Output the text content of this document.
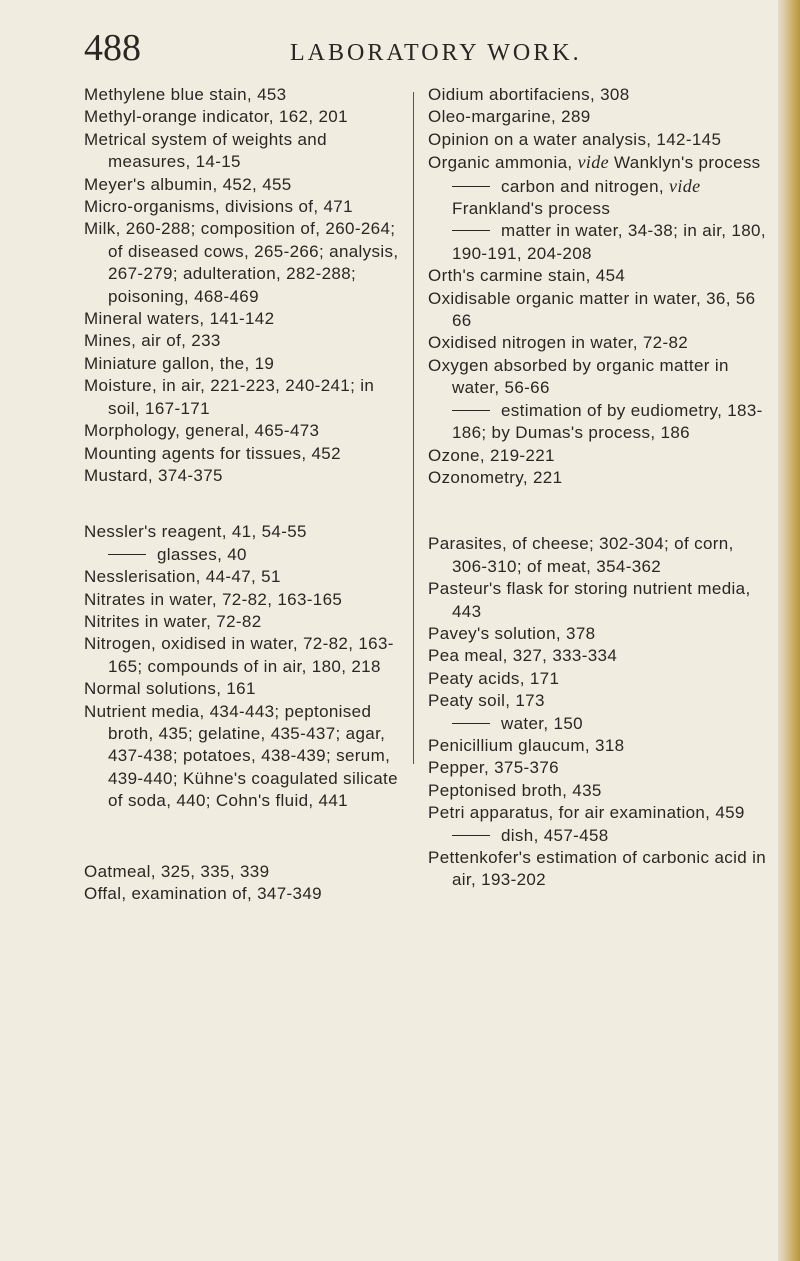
488	LABORATORY WORK.
Methylene blue stain, 453
Methyl-orange indicator, 162, 201
Metrical system of weights and measures, 14-15
Meyer's albumin, 452, 455
Micro-organisms, divisions of, 471
Milk, 260-288; composition of, 260-264; of diseased cows, 265-266; analysis, 267-279; adulteration, 282-288; poisoning, 468-469
Mineral waters, 141-142
Mines, air of, 233
Miniature gallon, the, 19
Moisture, in air, 221-223, 240-241; in soil, 167-171
Morphology, general, 465-473
Mounting agents for tissues, 452
Mustard, 374-375
Nessler's reagent, 41, 54-55
glasses, 40
Nesslerisation, 44-47, 51
Nitrates in water, 72-82, 163-165
Nitrites in water, 72-82
Nitrogen, oxidised in water, 72-82, 163-165; compounds of in air, 180, 218
Normal solutions, 161
Nutrient media, 434-443; peptonised broth, 435; gelatine, 435-437; agar, 437-438; potatoes, 438-439; serum, 439-440; Kühne's coagulated silicate of soda, 440; Cohn's fluid, 441
Oatmeal, 325, 335, 339
Offal, examination of, 347-349
Oidium abortifaciens, 308
Oleo-margarine, 289
Opinion on a water analysis, 142-145
Organic ammonia, vide Wanklyn's process
carbon and nitrogen, vide Frankland's process
matter in water, 34-38; in air, 180, 190-191, 204-208
Orth's carmine stain, 454
Oxidisable organic matter in water, 36, 56 66
Oxidised nitrogen in water, 72-82
Oxygen absorbed by organic matter in water, 56-66
estimation of by eudiometry, 183-186; by Dumas's process, 186
Ozone, 219-221
Ozonometry, 221
Parasites, of cheese; 302-304; of corn, 306-310; of meat, 354-362
Pasteur's flask for storing nutrient media, 443
Pavey's solution, 378
Pea meal, 327, 333-334
Peaty acids, 171
Peaty soil, 173
water, 150
Penicillium glaucum, 318
Pepper, 375-376
Peptonised broth, 435
Petri apparatus, for air examination, 459
dish, 457-458
Pettenkofer's estimation of carbonic acid in air, 193-202
